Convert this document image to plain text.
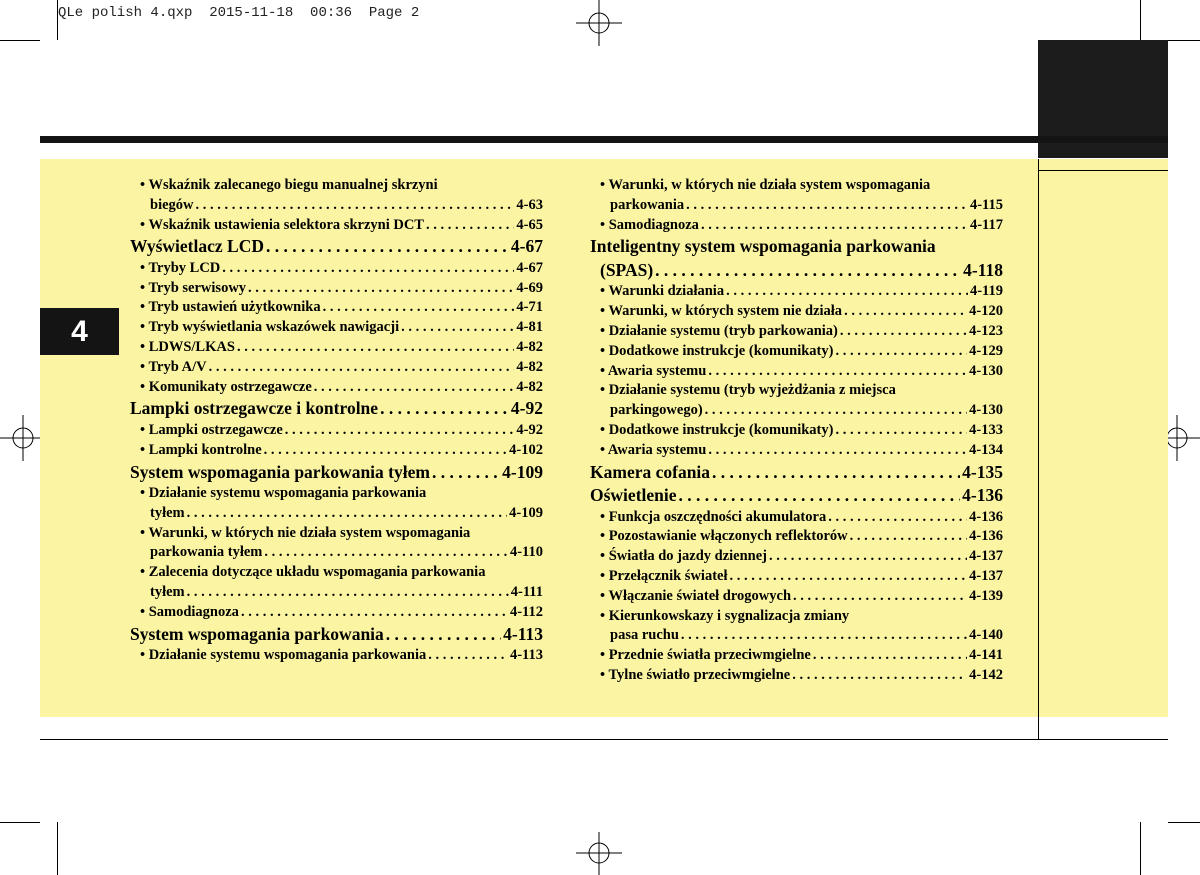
QLe polish 4.qxp  2015-11-18  00:36  Page 2
4
• Wskaźnik zalecanego biegu manualnej skrzyni
biegów . . .	4-63
• Wskaźnik ustawienia selektora skrzyni DCT . . .	4-65
Wyświetlacz LCD . . .	4-67
• Tryby LCD . . .	4-67
• Tryb serwisowy . . .	4-69
• Tryb ustawień użytkownika . . .	4-71
• Tryb wyświetlania wskazówek nawigacji . . .	4-81
• LDWS/LKAS . . .	4-82
• Tryb A/V . . .	4-82
• Komunikaty ostrzegawcze . . .	4-82
Lampki ostrzegawcze i kontrolne . . .	4-92
• Lampki ostrzegawcze . . .	4-92
• Lampki kontrolne . . .	4-102
System wspomagania parkowania tyłem . . .	4-109
• Działanie systemu wspomagania parkowania
tyłem . . .	4-109
• Warunki, w których nie działa system wspomagania
parkowania tyłem . . .	4-110
• Zalecenia dotyczące układu wspomagania parkowania
tyłem . . .	4-111
• Samodiagnoza . . .	4-112
System wspomagania parkowania . . .	4-113
• Działanie systemu wspomagania parkowania . . .	4-113
• Warunki, w których nie działa system wspomagania
parkowania . . .	4-115
• Samodiagnoza . . .	4-117
Inteligentny system wspomagania parkowania
(SPAS) . . .	4-118
• Warunki działania . . .	4-119
• Warunki, w których system nie działa . . .	4-120
• Działanie systemu (tryb parkowania) . . .	4-123
• Dodatkowe instrukcje (komunikaty) . . .	4-129
• Awaria systemu . . .	4-130
• Działanie systemu (tryb wyjeżdżania z miejsca
parkingowego) . . .	4-130
• Dodatkowe instrukcje (komunikaty) . . .	4-133
• Awaria systemu . . .	4-134
Kamera cofania . . .	4-135
Oświetlenie . . .	4-136
• Funkcja oszczędności akumulatora . . .	4-136
• Pozostawianie włączonych reflektorów . . .	4-136
• Światła do jazdy dziennej . . .	4-137
• Przełącznik świateł . . .	4-137
• Włączanie świateł drogowych . . .	4-139
• Kierunkowskazy i sygnalizacja zmiany
pasa ruchu . . .	4-140
• Przednie światła przeciwmgielne . . .	4-141
• Tylne światło przeciwmgielne . . .	4-142
